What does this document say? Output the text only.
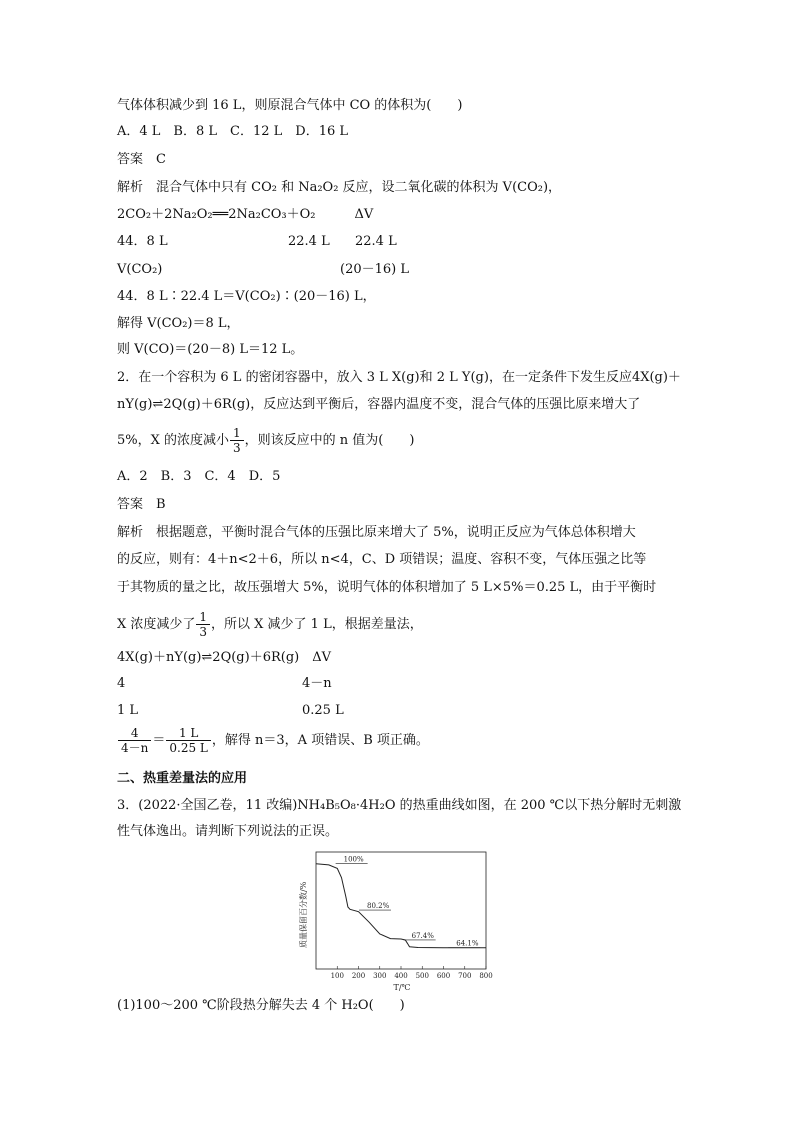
气体体积减少到 16 L，则原混合气体中 CO 的体积为(　　)
A．4 L　B．8 L　C．12 L　D．16 L
答案　C
解析　混合气体中只有 CO₂ 和 Na₂O₂ 反应，设二氧化碳的体积为 V(CO₂)，
2CO₂＋2Na₂O₂══2Na₂CO₃＋O₂　　　ΔV
44．8 L	22.4 L 22.4 L
V(CO₂)	(20－16) L
44．8 L∶22.4 L＝V(CO₂)∶(20－16) L，
解得 V(CO₂)＝8 L，
则 V(CO)＝(20－8) L＝12 L。
2．在一个容积为 6 L 的密闭容器中，放入 3 L X(g)和 2 L Y(g)，在一定条件下发生反应4X(g)＋
nY(g)⇌2Q(g)＋6R(g)，反应达到平衡后，容器内温度不变，混合气体的压强比原来增大了
5%，X 的浓度减小 $\frac{1}{3}$ ，则该反应中的 n 值为(　　)
A．2　B．3　C．4　D．5
答案　B
解析　根据题意，平衡时混合气体的压强比原来增大了 5%，说明正反应为气体总体积增大
的反应，则有：4＋n<2＋6，所以 n<4，C、D 项错误；温度、容积不变，气体压强之比等
于其物质的量之比，故压强增大 5%，说明气体的体积增加了 5 L×5%＝0.25 L，由于平衡时
X 浓度减少了 $\frac{1}{3}$ ，所以 X 减少了 1 L，根据差量法，
4X(g)＋nY(g)⇌2Q(g)＋6R(g)　ΔV
4	4－n
1 L	0.25 L
$\frac{4}{4-n} = \frac{1 L}{0.25 L}$ ，解得 n＝3，A 项错误、B 项正确。
二、热重差量法的应用
3．(2022·全国乙卷，11 改编)NH₄B₅O₈·4H₂O 的热重曲线如图，在 200 ℃以下热分解时无刺激
性气体逸出。请判断下列说法的正误。
100 200 300 400 500 600 700 800
100%
80.2%
67.4%
64.1%
质量保留百分数/%
T/℃
(1)100～200 ℃阶段热分解失去 4 个 H₂O(　　)
